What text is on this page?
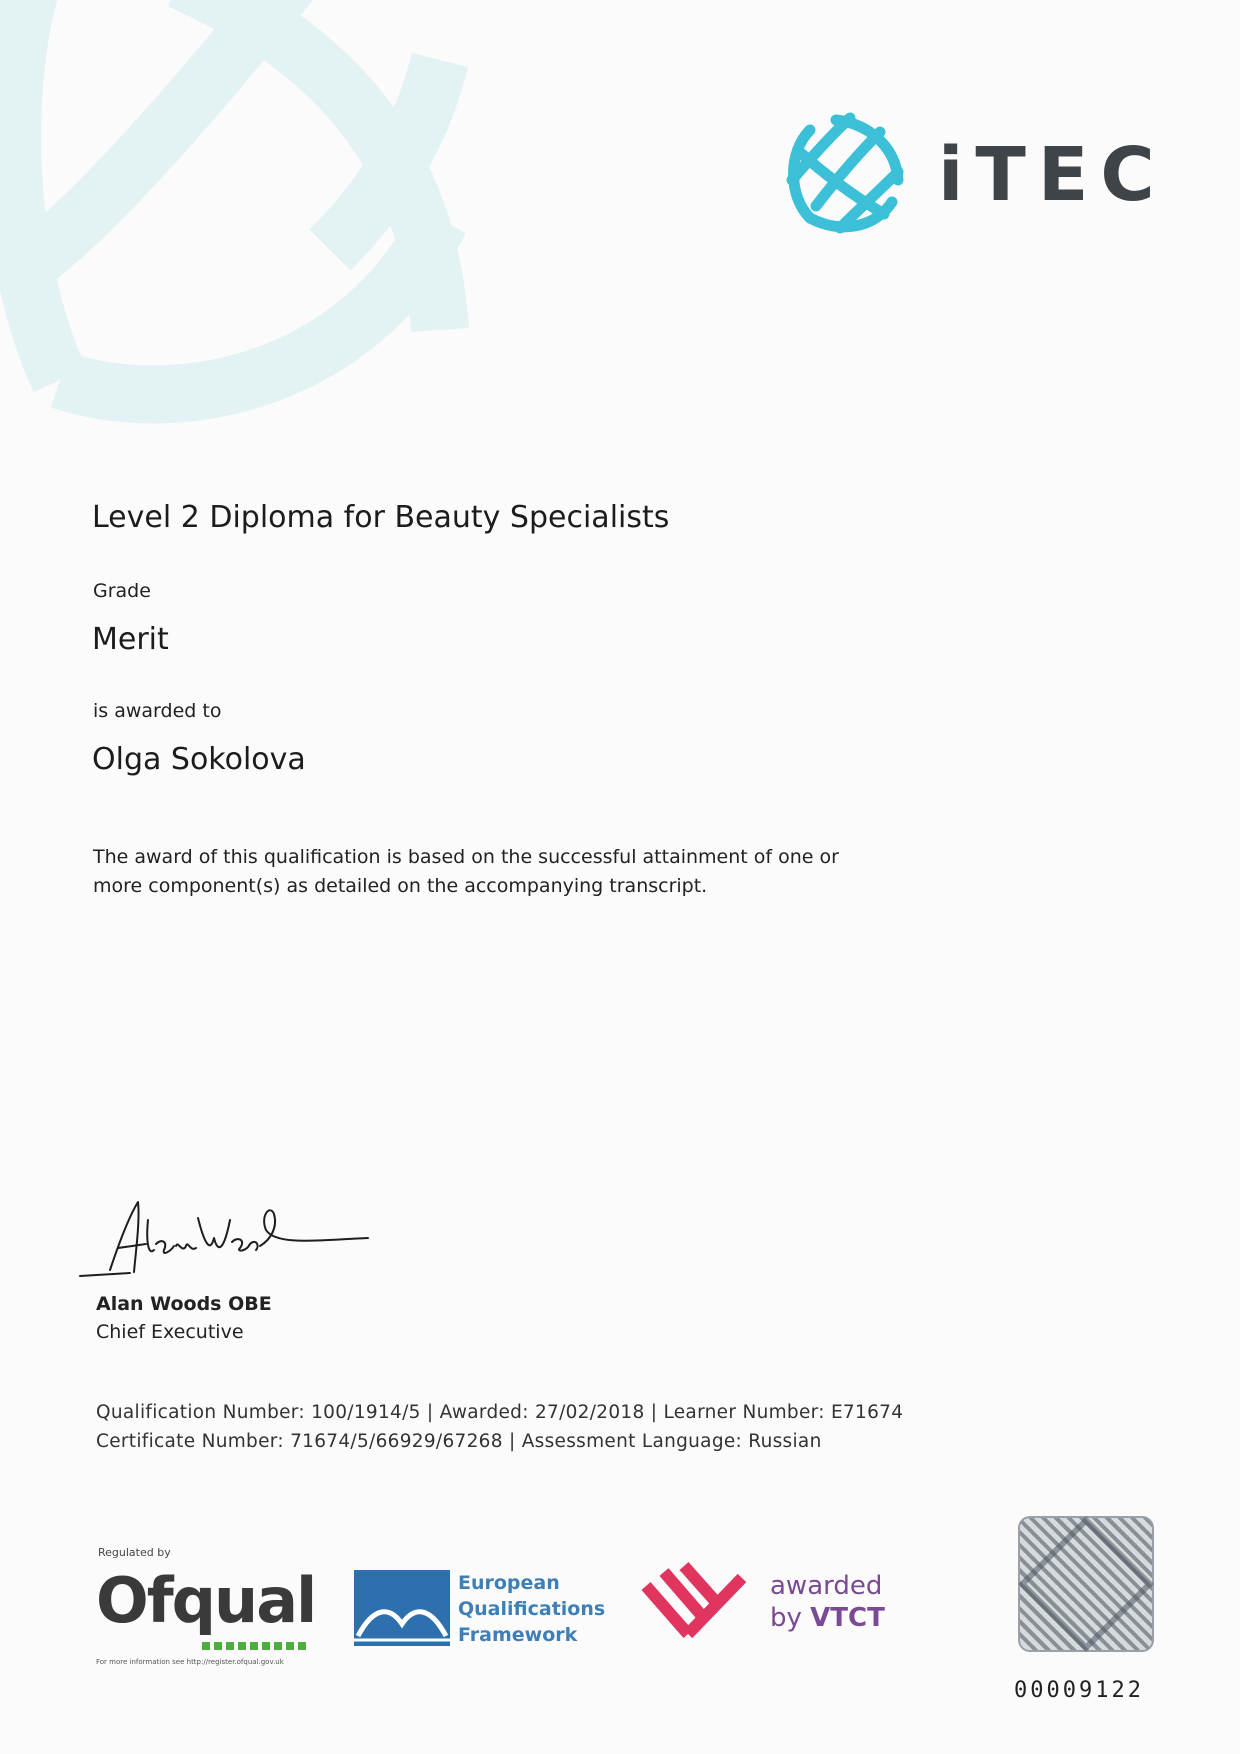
iTEC
Level 2 Diploma for Beauty Specialists
Grade
Merit
is awarded to
Olga Sokolova
The award of this qualification is based on the successful attainment of one or
more component(s) as detailed on the accompanying transcript.
Alan Woods OBE
Chief Executive
Qualification Number: 100/1914/5 | Awarded: 27/02/2018 | Learner Number: E71674
Certificate Number: 71674/5/66929/67268 | Assessment Language: Russian
Regulated by
Ofqual
For more information see http://register.ofqual.gov.uk
European
Qualifications
Framework
awarded
by VTCT
00009122
